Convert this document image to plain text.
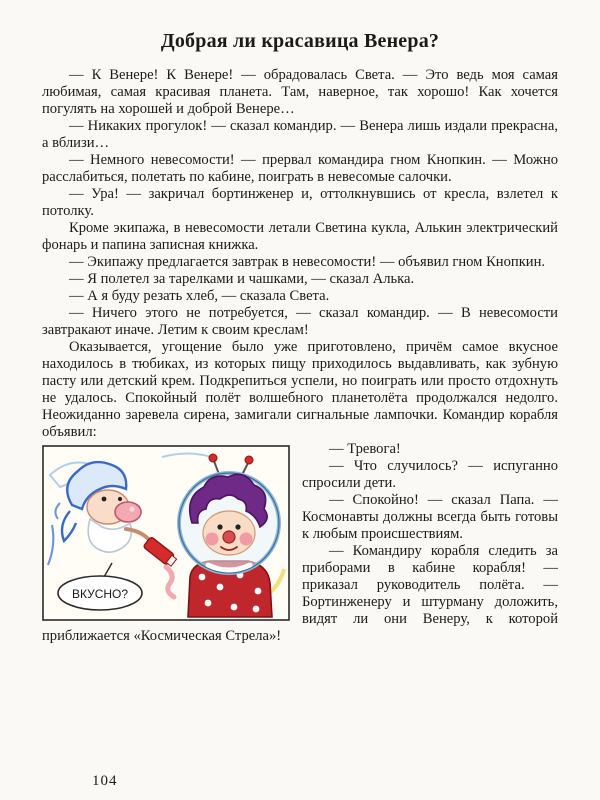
Добрая ли красавица Венера?

— К Венере! К Венере! — обрадовалась Света. — Это ведь моя самая любимая, самая красивая планета. Там, наверное, так хорошо! Как хочется погулять на хорошей и доброй Венере…

— Никаких прогулок! — сказал командир. — Венера лишь издали прекрасна, а вблизи…

— Немного невесомости! — прервал командира гном Кнопкин. — Можно расслабиться, полетать по кабине, поиграть в невесомые салочки.

— Ура! — закричал бортинженер и, оттолкнувшись от кресла, взлетел к потолку.

Кроме экипажа, в невесомости летали Светина кукла, Алькин электрический фонарь и папина записная книжка.

— Экипажу предлагается завтрак в невесомости! — объявил гном Кнопкин.

— Я полетел за тарелками и чашками, — сказал Алька.

— А я буду резать хлеб, — сказала Света.

— Ничего этого не потребуется, — сказал командир. — В невесомости завтракают иначе. Летим к своим креслам!

Оказывается, угощение было уже приготовлено, причём самое вкусное находилось в тюбиках, из которых пищу приходилось выдавливать, как зубную пасту или детский крем. Подкрепиться успели, но поиграть или просто отдохнуть не удалось. Спокойный полёт волшебного планетолёта продолжался недолго. Неожиданно заревела сирена, замигали сигнальные лампочки. Командир корабля объявил:

ВКУСНО?

— Тревога!

— Что случилось? — испуганно спросили дети.

— Спокойно! — сказал Папа. — Космонавты должны всегда быть готовы к любым происшествиям.

— Командиру корабля следить за приборами в кабине корабля! — приказал руководитель полёта. — Бортинженеру и штурману доложить, видят ли они Венеру, к которой приближается «Космическая Стрела»!

104
